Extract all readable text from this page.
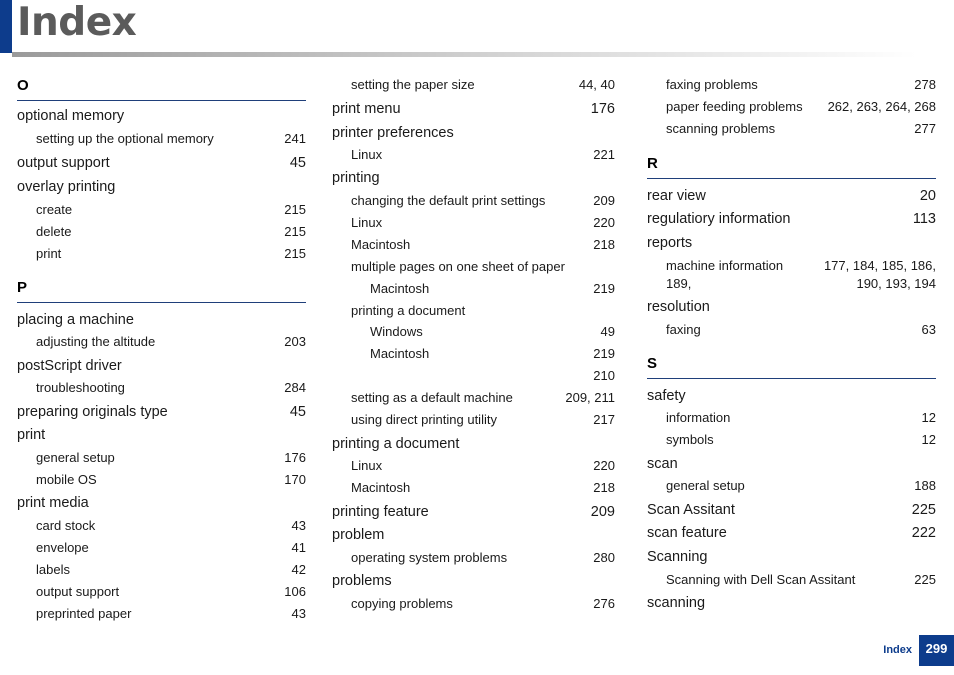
Index
O
optional memory
setting up the optional memory	241
output support	45
overlay printing
create	215
delete	215
print	215
P
placing a machine
adjusting the altitude	203
postScript driver
troubleshooting	284
preparing originals type	45
print
general setup	176
mobile OS	170
print media
card stock	43
envelope	41
labels	42
output support	106
preprinted paper	43
setting the paper size	44, 40
print menu	176
printer preferences
Linux	221
printing
changing the default print settings	209
Linux	220
Macintosh	218
multiple pages on one sheet of paper
Macintosh	219
printing a document
Windows	49
Macintosh	219
210
setting as a default machine	209, 211
using direct printing utility	217
printing a document
Linux	220
Macintosh	218
printing feature	209
problem
operating system problems	280
problems
copying problems	276
faxing problems	278
paper feeding problems 262, 263, 264, 268
scanning problems	277
R
rear view	20
regulatiory information	113
reports
machine information	177, 184, 185, 186,
189,	190, 193, 194
resolution
faxing	63
S
safety
information	12
symbols	12
scan
general setup	188
Scan Assitant	225
scan feature	222
Scanning
Scanning with Dell Scan Assitant	225
scanning
Index	299
